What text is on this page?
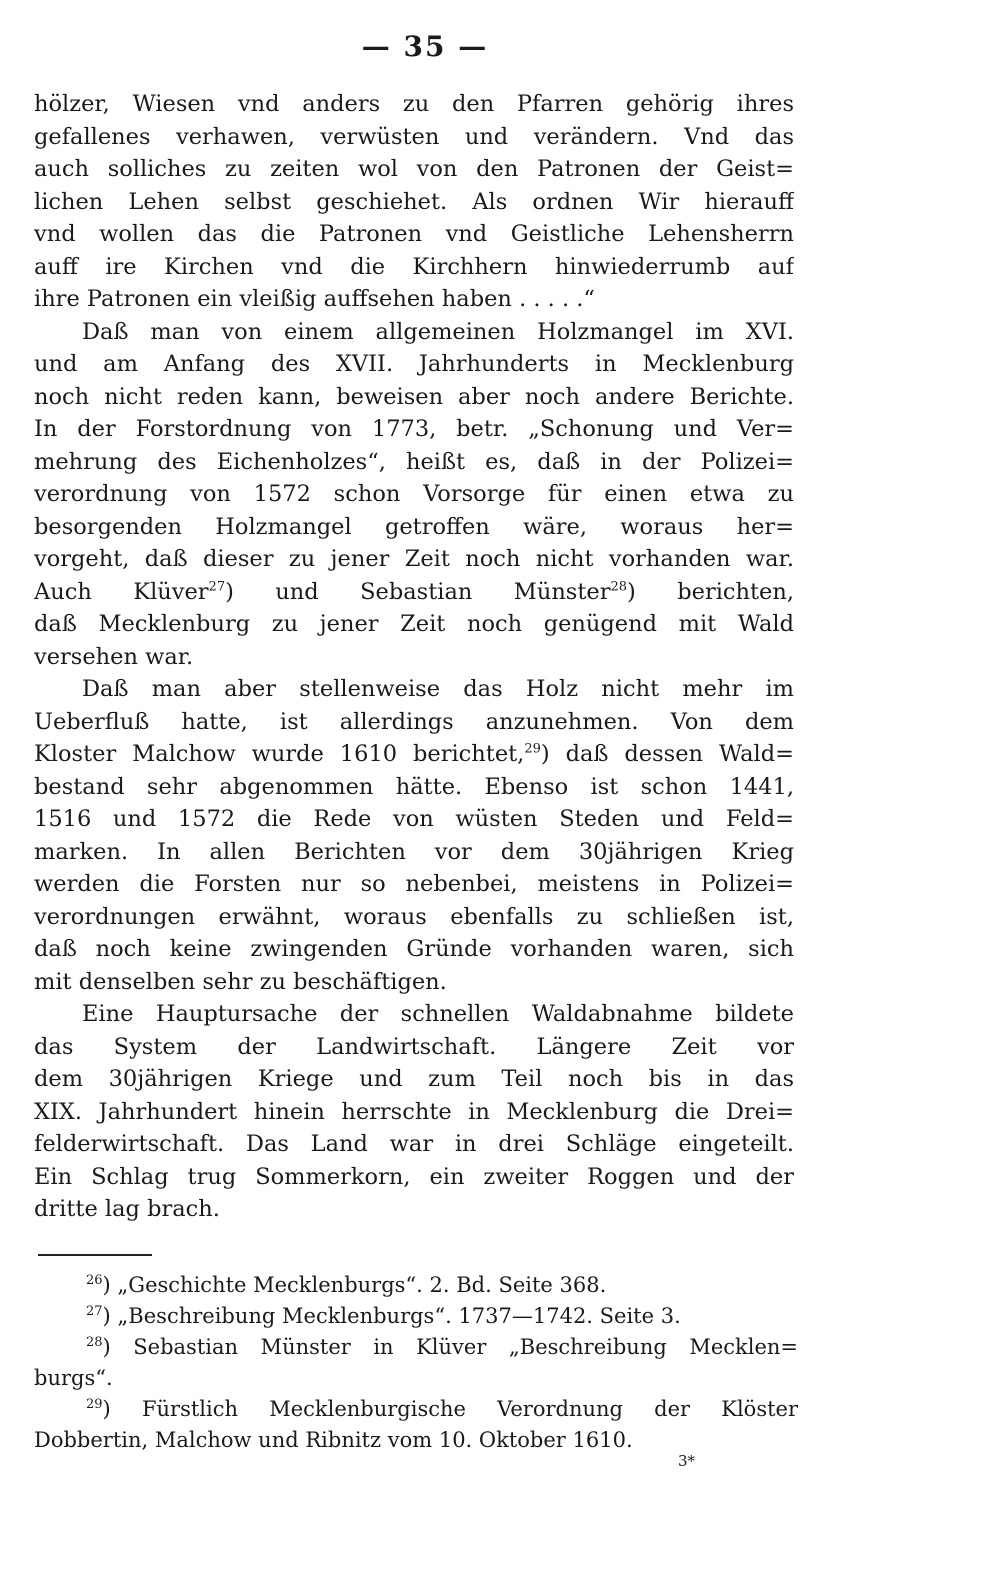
— 35 —
hölzer, Wiesen vnd anders zu den Pfarren gehörig ihres
gefallenes verhawen, verwüsten und verändern. Vnd das
auch solliches zu zeiten wol von den Patronen der Geist=
lichen Lehen selbst geschiehet. Als ordnen Wir hierauff
vnd wollen das die Patronen vnd Geistliche Lehensherrn
auff ire Kirchen vnd die Kirchhern hinwiederrumb auf
ihre Patronen ein vleißig auffsehen haben . . . . .“
Daß man von einem allgemeinen Holzmangel im XVI.
und am Anfang des XVII. Jahrhunderts in Mecklenburg
noch nicht reden kann, beweisen aber noch andere Berichte.
In der Forstordnung von 1773, betr. „Schonung und Ver=
mehrung des Eichenholzes“, heißt es, daß in der Polizei=
verordnung von 1572 schon Vorsorge für einen etwa zu
besorgenden Holzmangel getroffen wäre, woraus her=
vorgeht, daß dieser zu jener Zeit noch nicht vorhanden war.
Auch Klüver$^{27}$) und Sebastian Münster$^{28}$) berichten,
daß Mecklenburg zu jener Zeit noch genügend mit Wald
versehen war.
Daß man aber stellenweise das Holz nicht mehr im
Ueberfluß hatte, ist allerdings anzunehmen. Von dem
Kloster Malchow wurde 1610 berichtet,$^{29}$) daß dessen Wald=
bestand sehr abgenommen hätte. Ebenso ist schon 1441,
1516 und 1572 die Rede von wüsten Steden und Feld=
marken. In allen Berichten vor dem 30jährigen Krieg
werden die Forsten nur so nebenbei, meistens in Polizei=
verordnungen erwähnt, woraus ebenfalls zu schließen ist,
daß noch keine zwingenden Gründe vorhanden waren, sich
mit denselben sehr zu beschäftigen.
Eine Hauptursache der schnellen Waldabnahme bildete
das System der Landwirtschaft. Längere Zeit vor
dem 30jährigen Kriege und zum Teil noch bis in das
XIX. Jahrhundert hinein herrschte in Mecklenburg die Drei=
felderwirtschaft. Das Land war in drei Schläge eingeteilt.
Ein Schlag trug Sommerkorn, ein zweiter Roggen und der
dritte lag brach.
$^{26}$) „Geschichte Mecklenburgs“. 2. Bd. Seite 368.
$^{27}$) „Beschreibung Mecklenburgs“. 1737—1742. Seite 3.
$^{28}$) Sebastian Münster in Klüver „Beschreibung Mecklen=
burgs“.
$^{29}$) Fürstlich Mecklenburgische Verordnung der Klöster
Dobbertin, Malchow und Ribnitz vom 10. Oktober 1610.
3*
